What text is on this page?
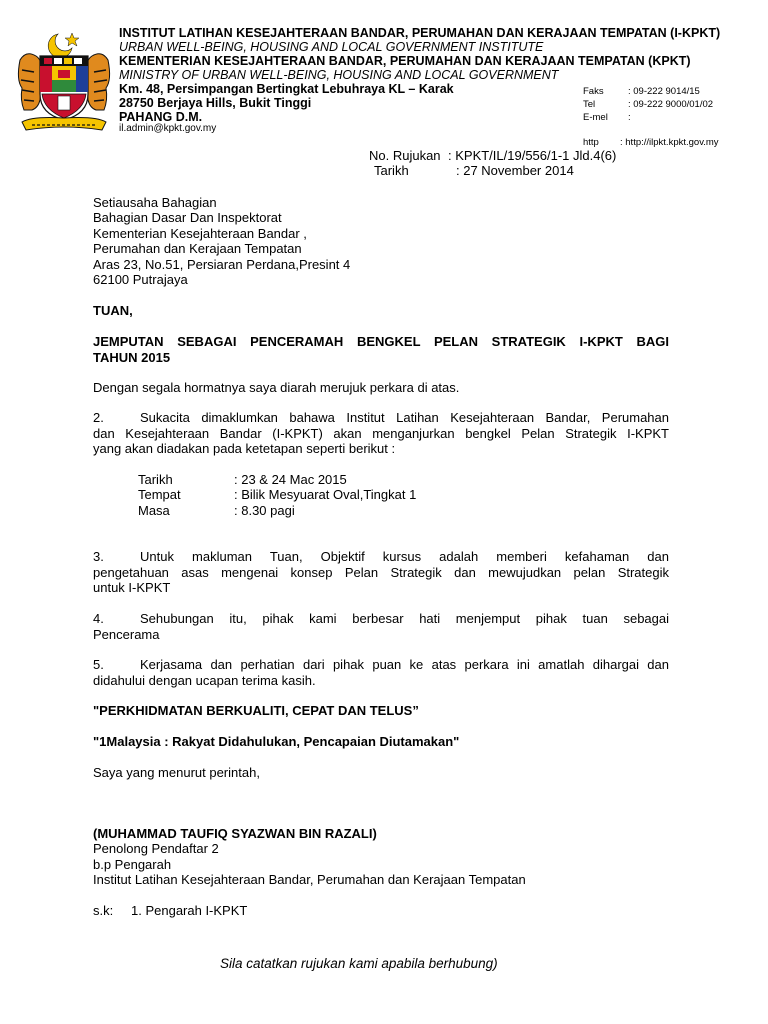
INSTITUT LATIHAN KESEJAHTERAAN BANDAR, PERUMAHAN DAN KERAJAAN TEMPATAN (I-KPKT)
URBAN WELL-BEING, HOUSING AND LOCAL GOVERNMENT INSTITUTE
KEMENTERIAN KESEJAHTERAAN BANDAR, PERUMAHAN DAN KERAJAAN TEMPATAN (KPKT)
MINISTRY OF URBAN WELL-BEING, HOUSING AND LOCAL GOVERNMENT
Km. 48, Persimpangan Bertingkat Lebuhraya KL – Karak
28750 Berjaya Hills, Bukit Tinggi
PAHANG D.M.
il.admin@kpkt.gov.my
Faks	: 09-222 9014/15
Tel	: 09-222 9000/01/02
E-mel :
http : http://ilpkt.kpkt.gov.my
No. Rujukan : KPKT/IL/19/556/1-1 Jld.4(6)
Tarikh	: 27 November 2014
Setiausaha Bahagian
Bahagian Dasar Dan Inspektorat
Kementerian Kesejahteraan Bandar ,
Perumahan dan Kerajaan Tempatan
Aras 23, No.51, Persiaran Perdana,Presint 4
62100 Putrajaya
TUAN,
JEMPUTAN SEBAGAI PENCERAMAH BENGKEL PELAN STRATEGIK I-KPKT BAGI
TAHUN 2015
Dengan segala hormatnya saya diarah merujuk perkara di atas.
2.	Sukacita dimaklumkan bahawa Institut Latihan Kesejahteraan Bandar, Perumahan
dan Kesejahteraan Bandar (I-KPKT) akan menganjurkan bengkel Pelan Strategik I-KPKT
yang akan diadakan pada ketetapan seperti berikut :
Tarikh	: 23 & 24 Mac 2015
Tempat	: Bilik Mesyuarat Oval,Tingkat 1
Masa	: 8.30 pagi
3.	Untuk makluman Tuan, Objektif kursus adalah memberi kefahaman dan
pengetahuan asas mengenai konsep Pelan Strategik dan mewujudkan pelan Strategik
untuk I-KPKT
4.	Sehubungan itu, pihak kami berbesar hati menjemput pihak tuan sebagai
Pencerama
5.	Kerjasama dan perhatian dari pihak puan ke atas perkara ini amatlah dihargai dan
didahului dengan ucapan terima kasih.
"PERKHIDMATAN BERKUALITI, CEPAT DAN TELUS”
"1Malaysia : Rakyat Didahulukan, Pencapaian Diutamakan"
Saya yang menurut perintah,
(MUHAMMAD TAUFIQ SYAZWAN BIN RAZALI)
Penolong Pendaftar 2
b.p Pengarah
Institut Latihan Kesejahteraan Bandar, Perumahan dan Kerajaan Tempatan
s.k: 1. Pengarah I-KPKT
Sila catatkan rujukan kami apabila berhubung)
